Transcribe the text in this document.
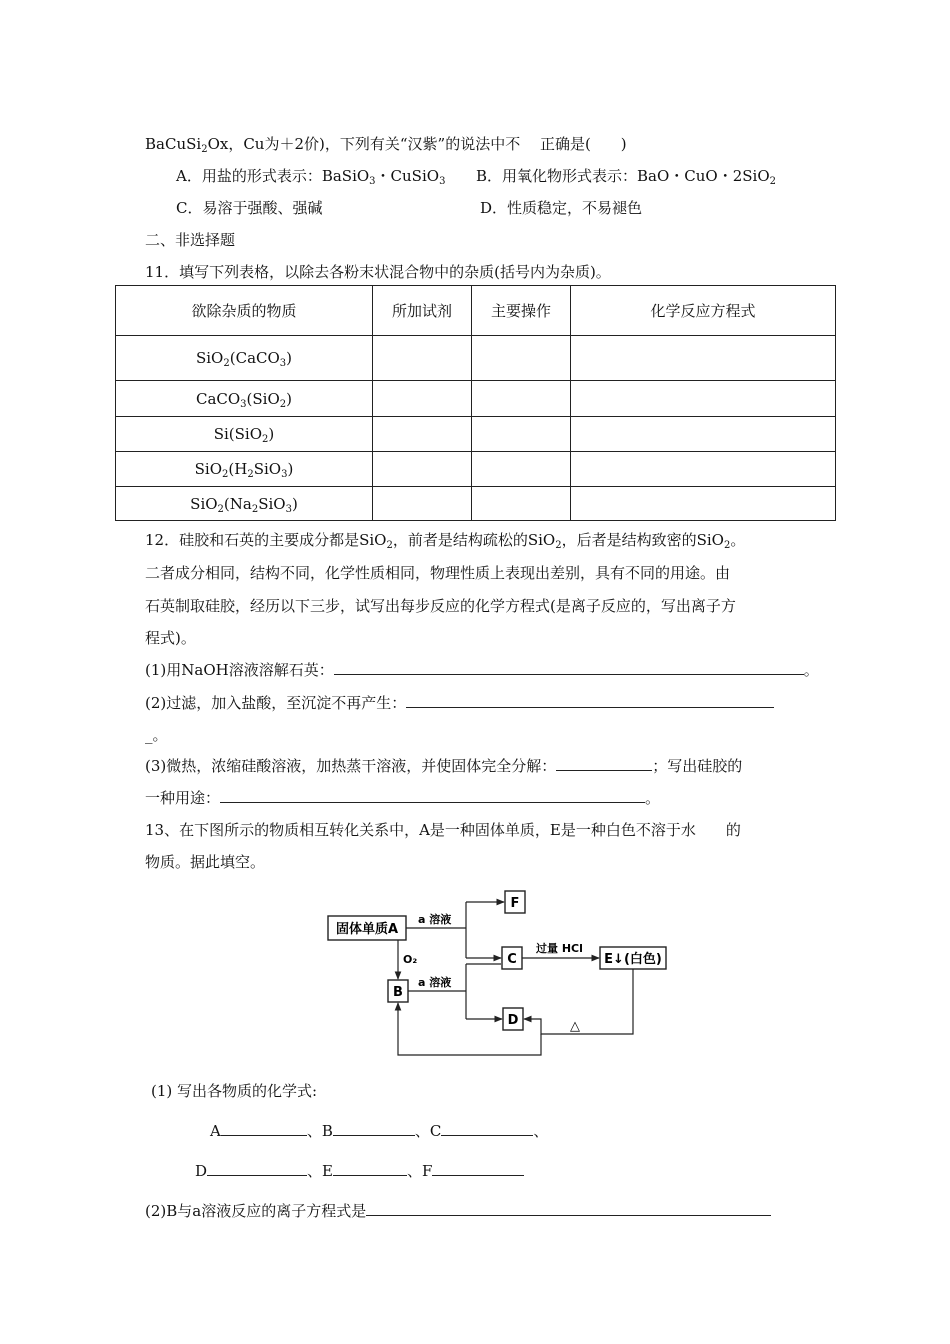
BaCuSi$_2$Ox，Cu为＋2价)，下列有关“汉紫”的说法中不　 正确是(　　)
A．用盐的形式表示：BaSiO$_3$・CuSiO$_3$ B．用氧化物形式表示：BaO・CuO・2SiO$_2$
C．易溶于强酸、强碱	D．性质稳定，不易褪色
二、非选择题
11．填写下列表格，以除去各粉末状混合物中的杂质(括号内为杂质)。
欲除杂质的物质	所加试剂	主要操作	化学反应方程式
SiO$_2$(CaCO$_3$)			
CaCO$_3$(SiO$_2$)			
Si(SiO$_2$)			
$SiO_2(H_2SiO_3)$			
$SiO_2(Na_2SiO_3)$			
12．硅胶和石英的主要成分都是SiO$_2$，前者是结构疏松的SiO$_2$，后者是结构致密的SiO$_2$。
二者成分相同，结构不同，化学性质相同，物理性质上表现出差别，具有不同的用途。由
石英制取硅胶，经历以下三步，试写出每步反应的化学方程式(是离子反应的，写出离子方
程式)。
(1)用NaOH溶液溶解石英：	。
(2)过滤，加入盐酸，至沉淀不再产生：
_。
(3)微热，浓缩硅酸溶液，加热蒸干溶液，并使固体完全分解：	；写出硅胶的
一种用途：	。
13、在下图所示的物质相互转化关系中，A是一种固体单质，E是一种白色不溶于水　　的
物质。据此填空。
固体单质A
F
C
B
D
E↓(白色)
a 溶液
O₂
a 溶液
过量 HCl
△
(1) 写出各物质的化学式:
A	、B	、C	、
D	、E	、F
(2)B与a溶液反应的离子方程式是
